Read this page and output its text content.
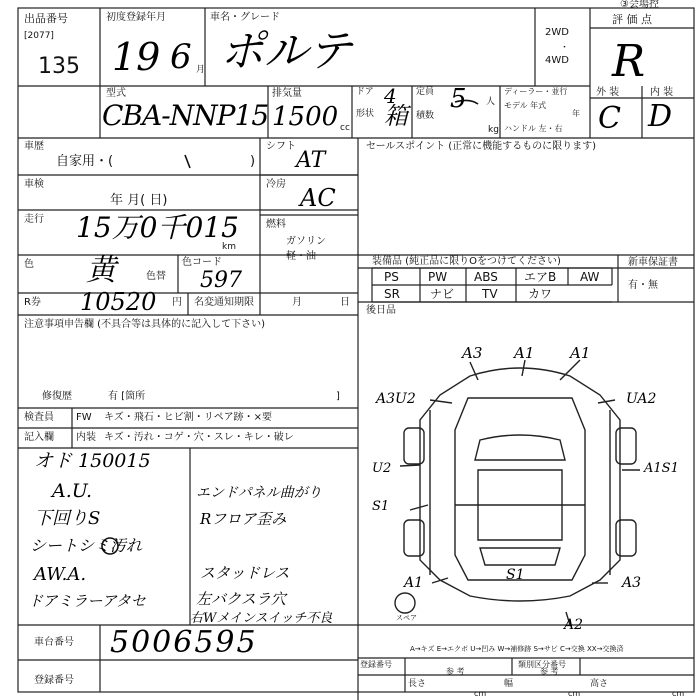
出品番号
[2077]
135
初度登録年月
19 6 月
車名・グレード
ポルテ	2WD
・
4WD
③会場控
評 価 点
R
型式
CBA-NNP15
排気量
1500 cc
ドア 4
形状 箱
定員 5 人
積数
kg
ディーラー・並行
モデル 年式
年
ハンドル 左・右
外 装	内 装
C D
車歴
自家用・(	)
車検
年 月( 日)
走行 15万0千015
km
色 黄	色替
色コード
597
R券 10520 円 名変通知期限	月	日
注意事項申告欄 (不具合等は具体的に記入して下さい)
修復歴	有 [箇所	]
シフト
AT
冷房 AC
燃料
ガソリン 軽・油
セールスポイント (正常に機能するものに限ります)
装備品 (純正品に限りOをつけてください)	新車保証書
有・無
PS PW ABS エアB AW
SR	ナビ TV	カワ
後日品
検査員
記入欄
FW キズ・飛石・ヒビ割・リペア跡・×要
内装 キズ・汚れ・コゲ・穴・スレ・キレ・破レ
オド 150015
A.U.
下回りS
シートシミ汚れ
AW.A.
ドアミラーアタセ
エンドパネル曲がり
Rフロア歪み
スタッドレス
左バクスラ穴
右Wメインスイッチ不良
A3 A1 A1
A3U2	UA2
U2	A1S1
S1
A1	S1	A3
A2
スペア
車台番号 5006595
登録番号
A→キズ E→エクボ U→凹み W→補修跡 S→サビ C→交換 XX→交換済
登録番号	類別区分番号
参 考	参 考
長さ
cm
幅
cm
高さ
cm
